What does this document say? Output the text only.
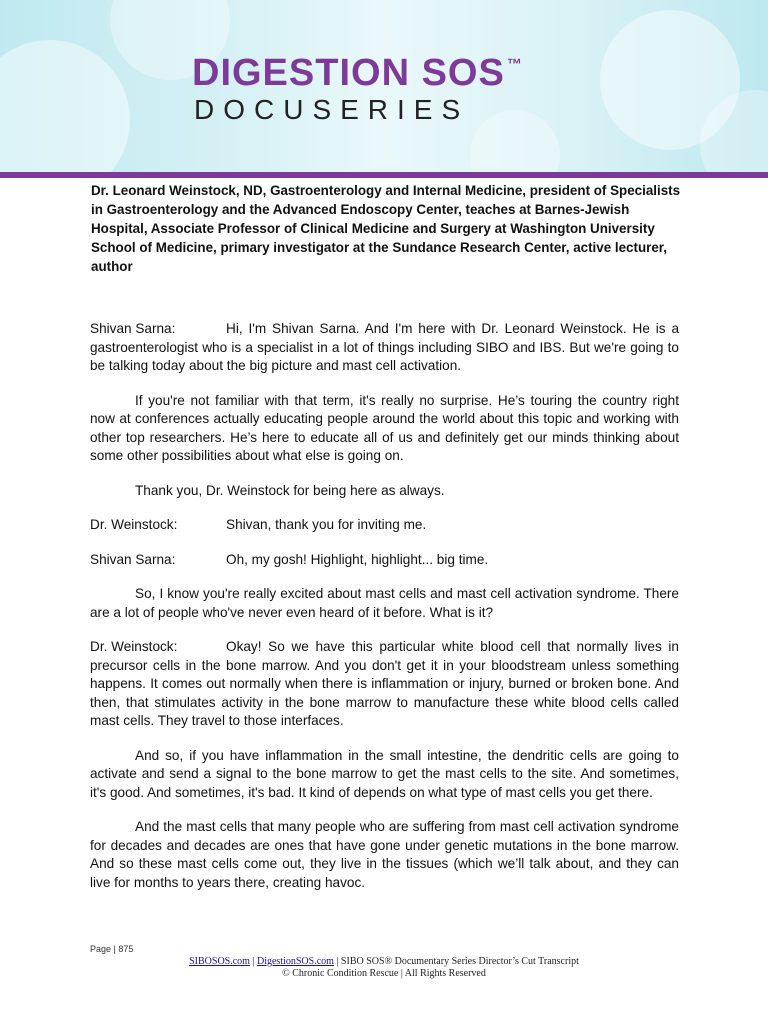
DIGESTION SOS ™
DOCUSERIES
Dr. Leonard Weinstock, ND, Gastroenterology and Internal Medicine, president of Specialists in Gastroenterology and the Advanced Endoscopy Center, teaches at Barnes-Jewish Hospital, Associate Professor of Clinical Medicine and Surgery at Washington University School of Medicine, primary investigator at the Sundance Research Center, active lecturer, author

Shivan Sarna:	Hi, I'm Shivan Sarna. And I'm here with Dr. Leonard Weinstock. He is a gastroenterologist who is a specialist in a lot of things including SIBO and IBS. But we're going to be talking today about the big picture and mast cell activation.

If you're not familiar with that term, it's really no surprise. He’s touring the country right now at conferences actually educating people around the world about this topic and working with other top researchers. He’s here to educate all of us and definitely get our minds thinking about some other possibilities about what else is going on.

Thank you, Dr. Weinstock for being here as always.

Dr. Weinstock:	Shivan, thank you for inviting me.

Shivan Sarna:	Oh, my gosh! Highlight, highlight... big time.

So, I know you're really excited about mast cells and mast cell activation syndrome. There are a lot of people who've never even heard of it before. What is it?

Dr. Weinstock:	Okay! So we have this particular white blood cell that normally lives in precursor cells in the bone marrow. And you don't get it in your bloodstream unless something happens. It comes out normally when there is inflammation or injury, burned or broken bone. And then, that stimulates activity in the bone marrow to manufacture these white blood cells called mast cells. They travel to those interfaces.

And so, if you have inflammation in the small intestine, the dendritic cells are going to activate and send a signal to the bone marrow to get the mast cells to the site. And sometimes, it's good. And sometimes, it's bad. It kind of depends on what type of mast cells you get there.

And the mast cells that many people who are suffering from mast cell activation syndrome for decades and decades are ones that have gone under genetic mutations in the bone marrow. And so these mast cells come out, they live in the tissues (which we’ll talk about, and they can live for months to years there, creating havoc.

Page | 875
SIBOSOS.com | DigestionSOS.com | SIBO SOS® Documentary Series Director’s Cut Transcript
© Chronic Condition Rescue | All Rights Reserved
